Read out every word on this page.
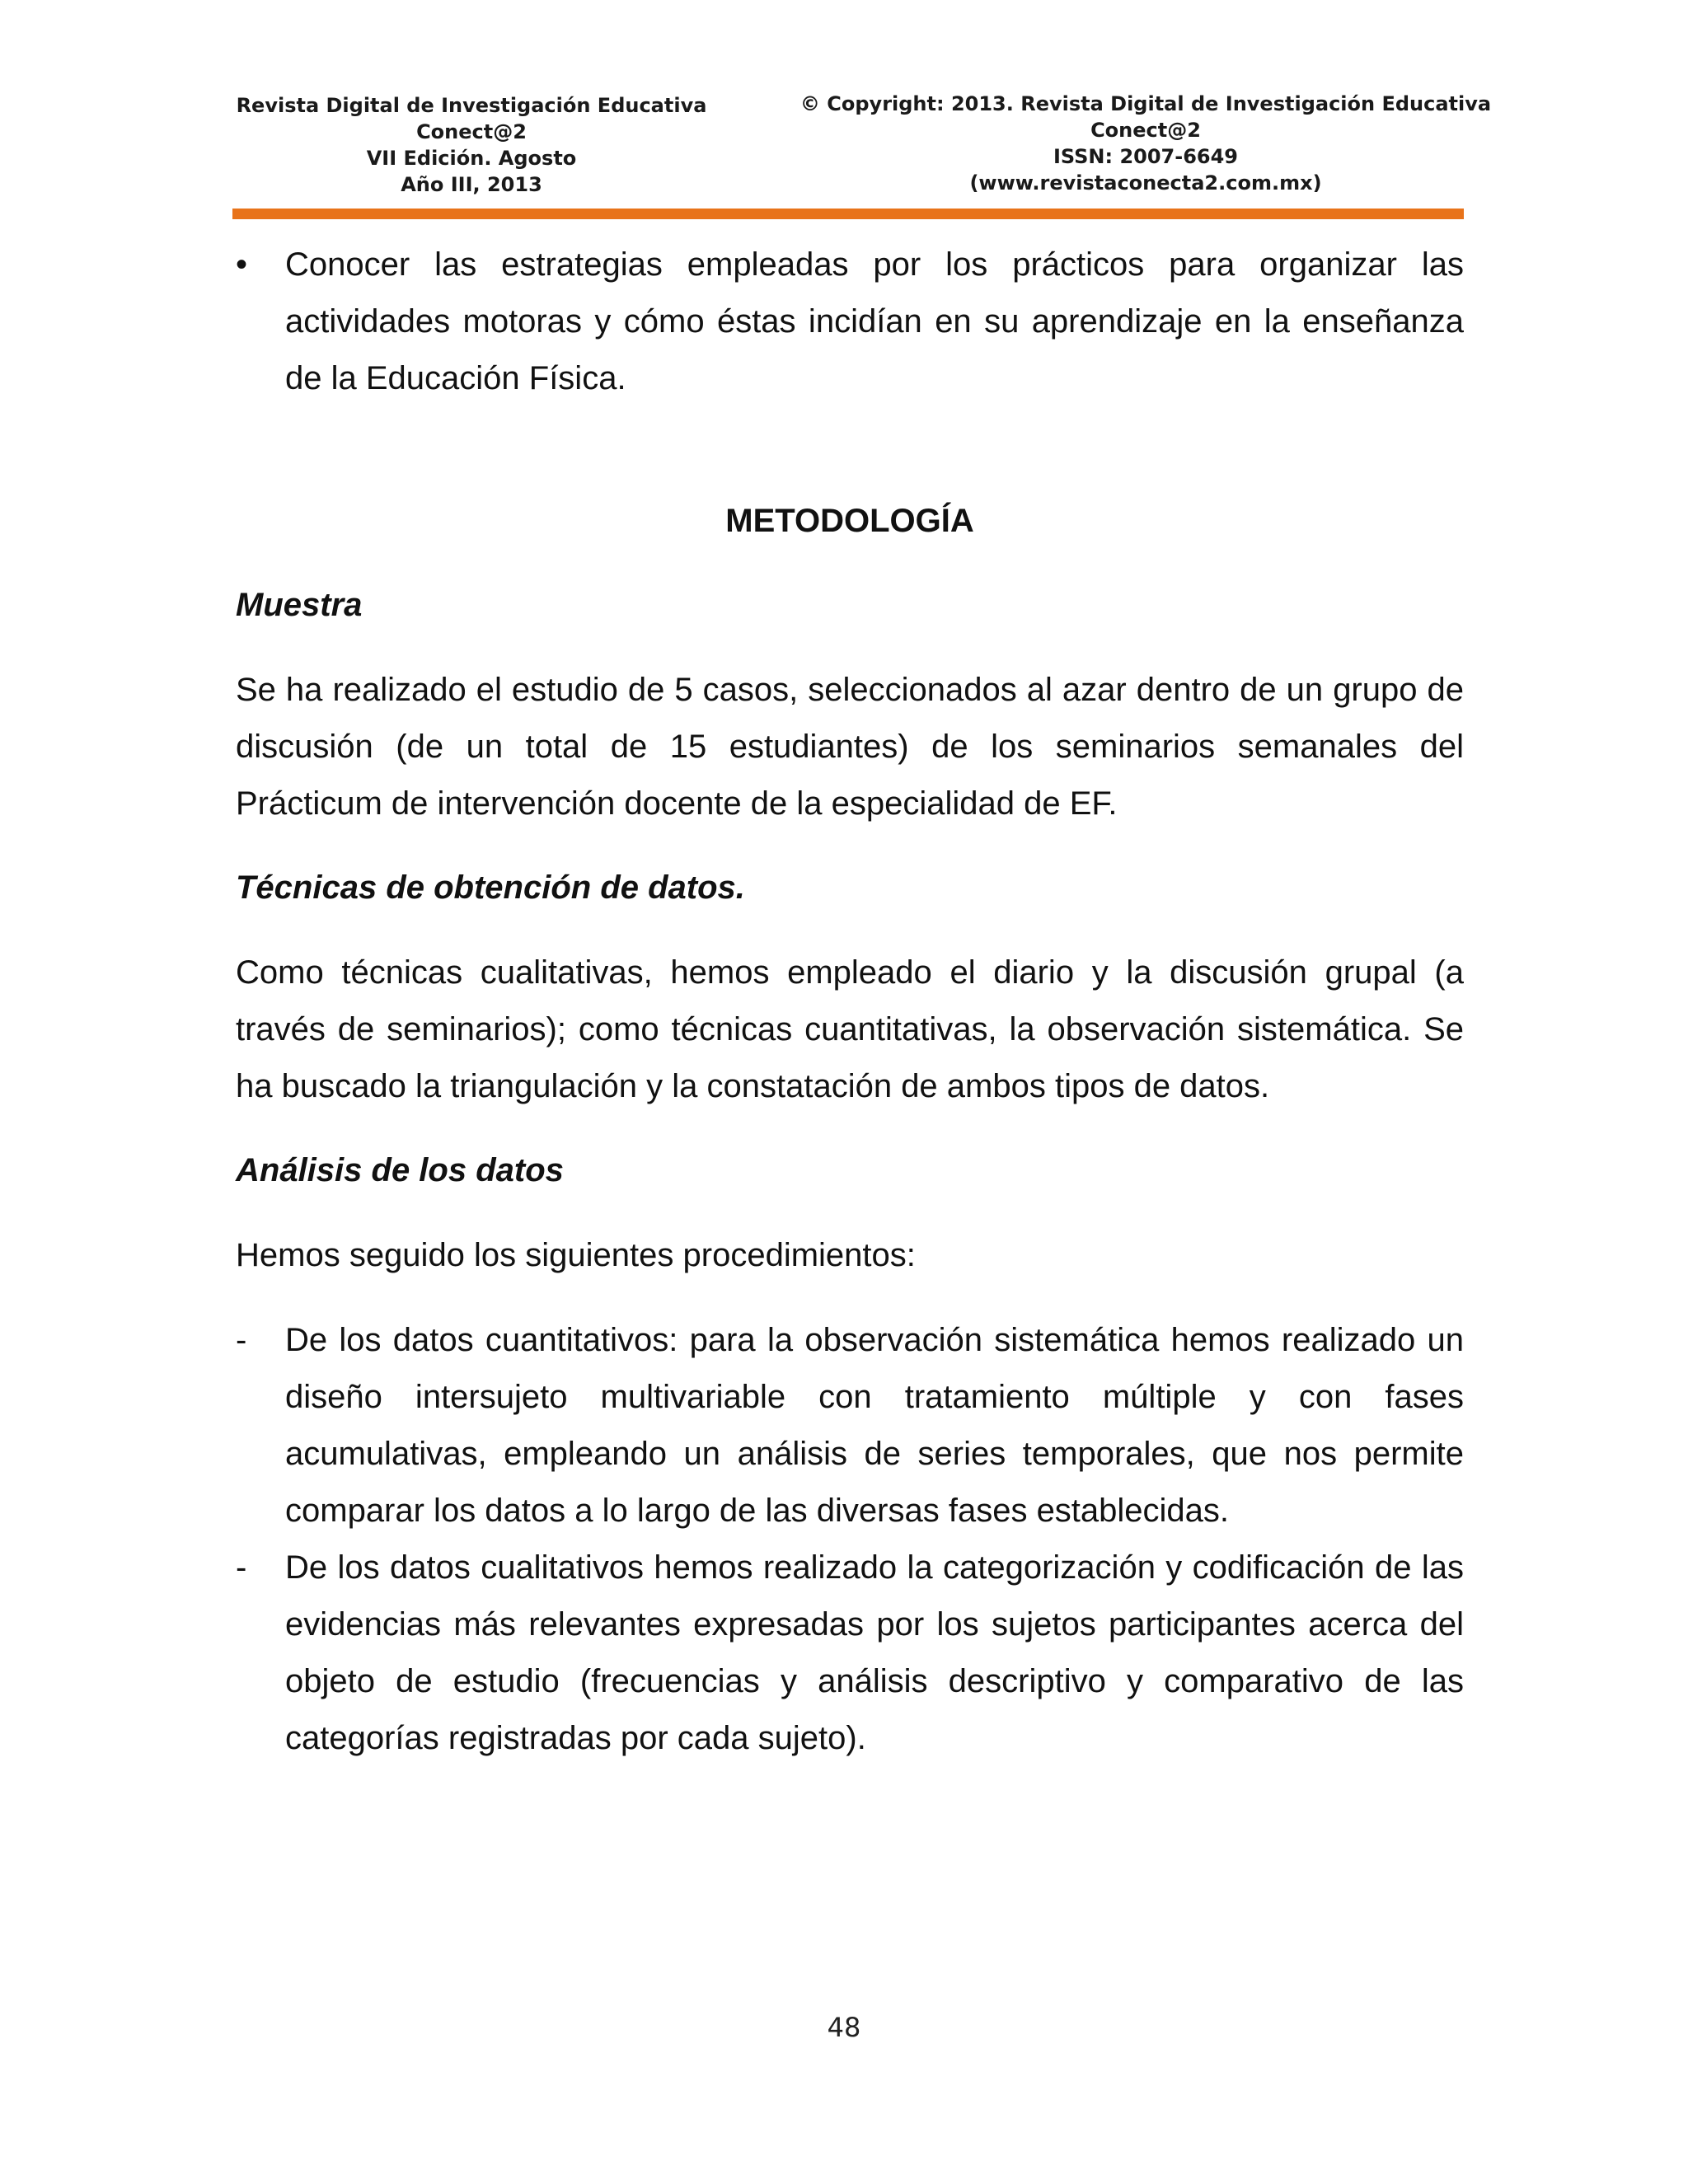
Revista Digital de Investigación Educativa
Conect@2
VII Edición. Agosto
Año III, 2013
© Copyright: 2013. Revista Digital de Investigación Educativa
Conect@2
ISSN: 2007-6649
(www.revistaconecta2.com.mx)

• Conocer las estrategias empleadas por los prácticos para organizar las actividades motoras y cómo éstas incidían en su aprendizaje en la enseñanza de la Educación Física.

METODOLOGÍA

Muestra

Se ha realizado el estudio de 5 casos, seleccionados al azar dentro de un grupo de discusión (de un total de 15 estudiantes) de los seminarios semanales del Prácticum de intervención docente de la especialidad de EF.

Técnicas de obtención de datos.

Como técnicas cualitativas, hemos empleado el diario y la discusión grupal (a través de seminarios); como técnicas cuantitativas, la observación sistemática. Se ha buscado la triangulación y la constatación de ambos tipos de datos.

Análisis de los datos

Hemos seguido los siguientes procedimientos:

- De los datos cuantitativos: para la observación sistemática hemos realizado un diseño intersujeto multivariable con tratamiento múltiple y con fases acumulativas, empleando un análisis de series temporales, que nos permite comparar los datos a lo largo de las diversas fases establecidas.

- De los datos cualitativos hemos realizado la categorización y codificación de las evidencias más relevantes expresadas por los sujetos participantes acerca del objeto de estudio (frecuencias y análisis descriptivo y comparativo de las categorías registradas por cada sujeto).

48
